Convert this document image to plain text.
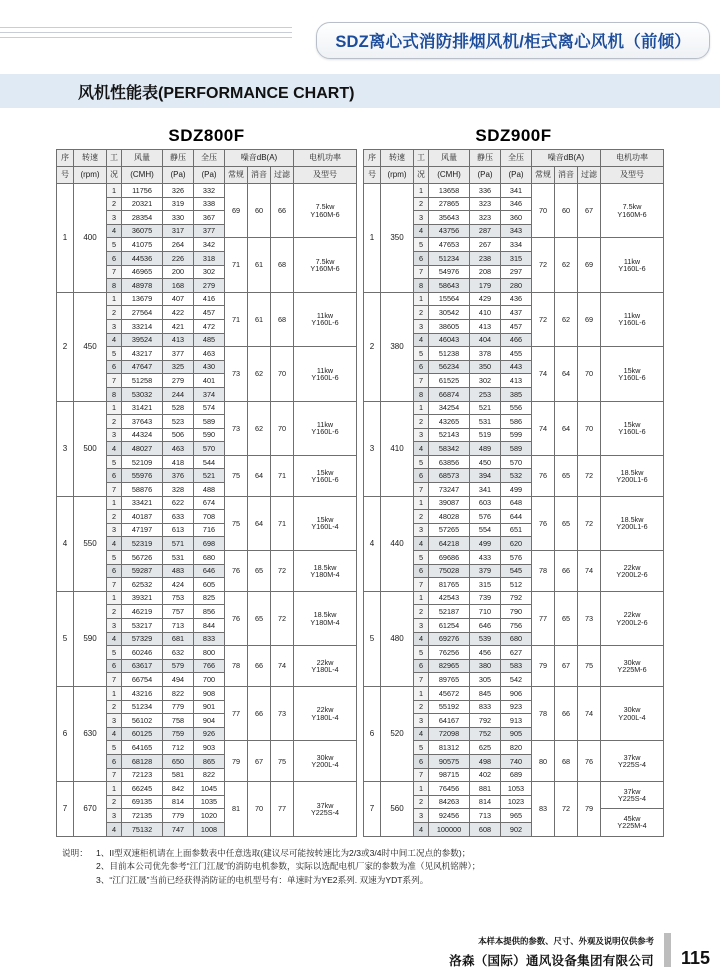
SDZ离心式消防排烟风机/柜式离心风机（前倾）
风机性能表(PERFORMANCE CHART)
SDZ800F
序	转速	工	风量	静压	全压	噪音dB(A)			电机功率
号	(rpm)	况	(CMH)	(Pa)	(Pa)	常规	消音	过滤	及型号
1	400	1	11756	326	332	69	60	66	7.5kw
Y160M-6
		2	20321	319	338				
		3	28354	330	367				
		4	36075	317	377				
		5	41075	264	342	71	61	68	7.5kw
Y160M-6
		6	44536	226	318				
		7	46965	200	302				
		8	48978	168	279				
2	450	1	13679	407	416	71	61	68	11kw
Y160L-6
		2	27564	422	457				
		3	33214	421	472				
		4	39524	413	485				
		5	43217	377	463	73	62	70	11kw
Y160L-6
		6	47647	325	430				
		7	51258	279	401				
		8	53032	244	374				
3	500	1	31421	528	574	73	62	70	11kw
Y160L-6
		2	37643	523	589				
		3	44324	506	590				
		4	48027	463	570				
		5	52109	418	544	75	64	71	15kw
Y160L-6
		6	55976	376	521				
		7	58876	328	488				
4	550	1	33421	622	674	75	64	71	15kw
Y160L-4
		2	40187	633	708				
		3	47197	613	716				
		4	52319	571	698				
		5	56726	531	680	76	65	72	18.5kw
Y180M-4
		6	59287	483	646				
		7	62532	424	605				
5	590	1	39321	753	825	76	65	72	18.5kw
Y180M-4
		2	46219	757	856				
		3	53217	713	844				
		4	57329	681	833				
		5	60246	632	800	78	66	74	22kw
Y180L-4
		6	63617	579	766				
		7	66754	494	700				
6	630	1	43216	822	908	77	66	73	22kw
Y180L-4
		2	51234	779	901				
		3	56102	758	904				
		4	60125	759	926				
		5	64165	712	903	79	67	75	30kw
Y200L-4
		6	68128	650	865				
		7	72123	581	822				
7	670	1	66245	842	1045	81	70	77	37kw
Y225S-4
		2	69135	814	1035				
		3	72135	779	1020				
		4	75132	747	1008				
SDZ900F
序	转速	工	风量	静压	全压	噪音dB(A)			电机功率
号	(rpm)	况	(CMH)	(Pa)	(Pa)	常规	消音	过滤	及型号
1	350	1	13658	336	341	70	60	67	7.5kw
Y160M-6
		2	27865	323	346				
		3	35643	323	360				
		4	43756	287	343				
		5	47653	267	334	72	62	69	11kw
Y160L-6
		6	51234	238	315				
		7	54976	208	297				
		8	58643	179	280				
2	380	1	15564	429	436	72	62	69	11kw
Y160L-6
		2	30542	410	437				
		3	38605	413	457				
		4	46043	404	466				
		5	51238	378	455	74	64	70	15kw
Y160L-6
		6	56234	350	443				
		7	61525	302	413				
		8	66874	253	385				
3	410	1	34254	521	556	74	64	70	15kw
Y160L-6
		2	43265	531	586				
		3	52143	519	599				
		4	58342	489	589				
		5	63856	450	570	76	65	72	18.5kw
Y200L1-6
		6	68573	394	532				
		7	73247	341	499				
4	440	1	39087	603	648	76	65	72	18.5kw
Y200L1-6
		2	48028	576	644				
		3	57265	554	651				
		4	64218	499	620				
		5	69686	433	576	78	66	74	22kw
Y200L2-6
		6	75028	379	545				
		7	81765	315	512				
5	480	1	42543	739	792	77	65	73	22kw
Y200L2-6
		2	52187	710	790				
		3	61254	646	756				
		4	69276	539	680				
		5	76256	456	627	79	67	75	30kw
Y225M-6
		6	82965	380	583				
		7	89765	305	542				
6	520	1	45672	845	906	78	66	74	30kw
Y200L-4
		2	55192	833	923				
		3	64167	792	913				
		4	72098	752	905				
		5	81312	625	820	80	68	76	37kw
Y225S-4
		6	90575	498	740				
		7	98715	402	689				
7	560	1	76456	881	1053	83	72	79	37kw
Y225S-4
		2	84263	814	1023				
		3	92456	713	965				45kw
Y225M-4
		4	100000	608	902				
说明： 1、II型双速柜机请在上面参数表中任意选取(建议尽可能按转速比为2/3或3/4时中间工况点的参数)；

2、目前本公司优先参考“江门江晟”的消防电机参数，实际以选配电机厂家的参数为准（见风机铭牌）；

3、“江门江晟”当前已经获得消防证的电机型号有：单速时为YE2系列. 双速为YDT系列。

本样本提供的参数、尺寸、外观及说明仅供参考
洛森（国际）通风设备集团有限公司 115
